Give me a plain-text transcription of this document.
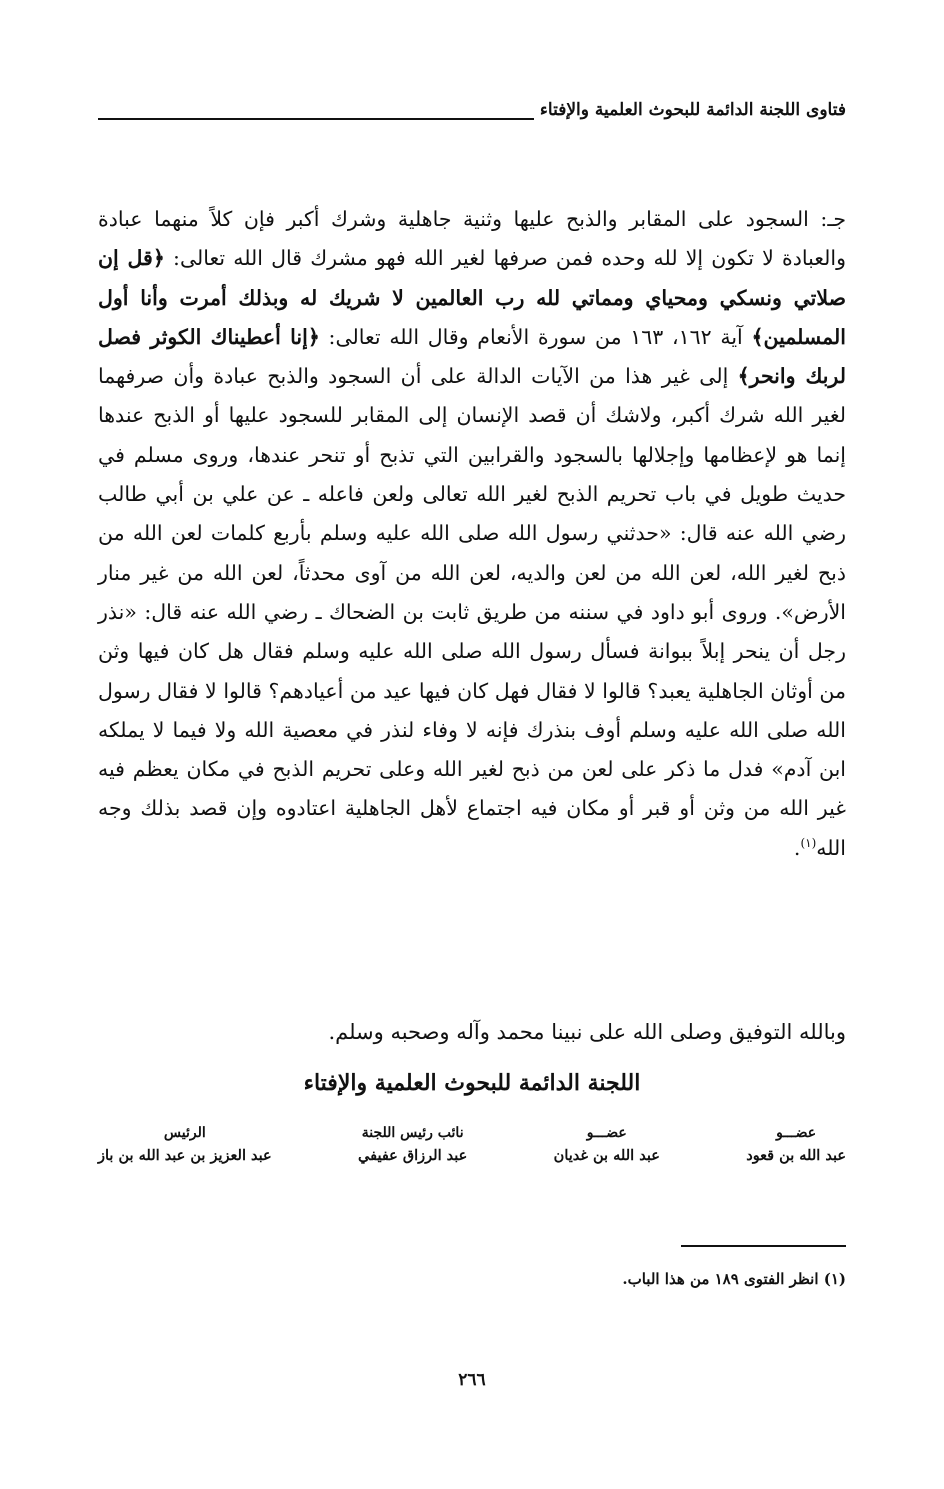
فتاوى اللجنة الدائمة للبحوث العلمية والإفتاء

جـ: السجود على المقابر والذبح عليها وثنية جاهلية وشرك أكبر فإن كلاً منهما عبادة والعبادة لا تكون إلا لله وحده فمن صرفها لغير الله فهو مشرك قال الله تعالى: ﴿قل إن صلاتي ونسكي ومحياي ومماتي لله رب العالمين لا شريك له وبذلك أمرت وأنا أول المسلمين﴾ آية ١٦٢، ١٦٣ من سورة الأنعام وقال الله تعالى: ﴿إنا أعطيناك الكوثر فصل لربك وانحر﴾ إلى غير هذا من الآيات الدالة على أن السجود والذبح عبادة وأن صرفهما لغير الله شرك أكبر، ولاشك أن قصد الإنسان إلى المقابر للسجود عليها أو الذبح عندها إنما هو لإعظامها وإجلالها بالسجود والقرابين التي تذبح أو تنحر عندها، وروى مسلم في حديث طويل في باب تحريم الذبح لغير الله تعالى ولعن فاعله ـ عن علي بن أبي طالب رضي الله عنه قال: «حدثني رسول الله صلى الله عليه وسلم بأربع كلمات لعن الله من ذبح لغير الله، لعن الله من لعن والديه، لعن الله من آوى محدثاً، لعن الله من غير منار الأرض». وروى أبو داود في سننه من طريق ثابت بن الضحاك ـ رضي الله عنه قال: «نذر رجل أن ينحر إبلاً ببوانة فسأل رسول الله صلى الله عليه وسلم فقال هل كان فيها وثن من أوثان الجاهلية يعبد؟ قالوا لا فقال فهل كان فيها عيد من أعيادهم؟ قالوا لا فقال رسول الله صلى الله عليه وسلم أوف بنذرك فإنه لا وفاء لنذر في معصية الله ولا فيما لا يملكه ابن آدم» فدل ما ذكر على لعن من ذبح لغير الله وعلى تحريم الذبح في مكان يعظم فيه غير الله من وثن أو قبر أو مكان فيه اجتماع لأهل الجاهلية اعتادوه وإن قصد بذلك وجه الله$^{(١)}$.

وبالله التوفيق وصلى الله على نبينا محمد وآله وصحبه وسلم.
اللجنة الدائمة للبحوث العلمية والإفتاء
عضـــو
عبد الله بن قعود
عضـــو
عبد الله بن غديان
نائب رئيس اللجنة
عبد الرزاق عفيفي
الرئيس
عبد العزيز بن عبد الله بن باز
(١) انظر الفتوى ١٨٩ من هذا الباب.
٢٦٦
